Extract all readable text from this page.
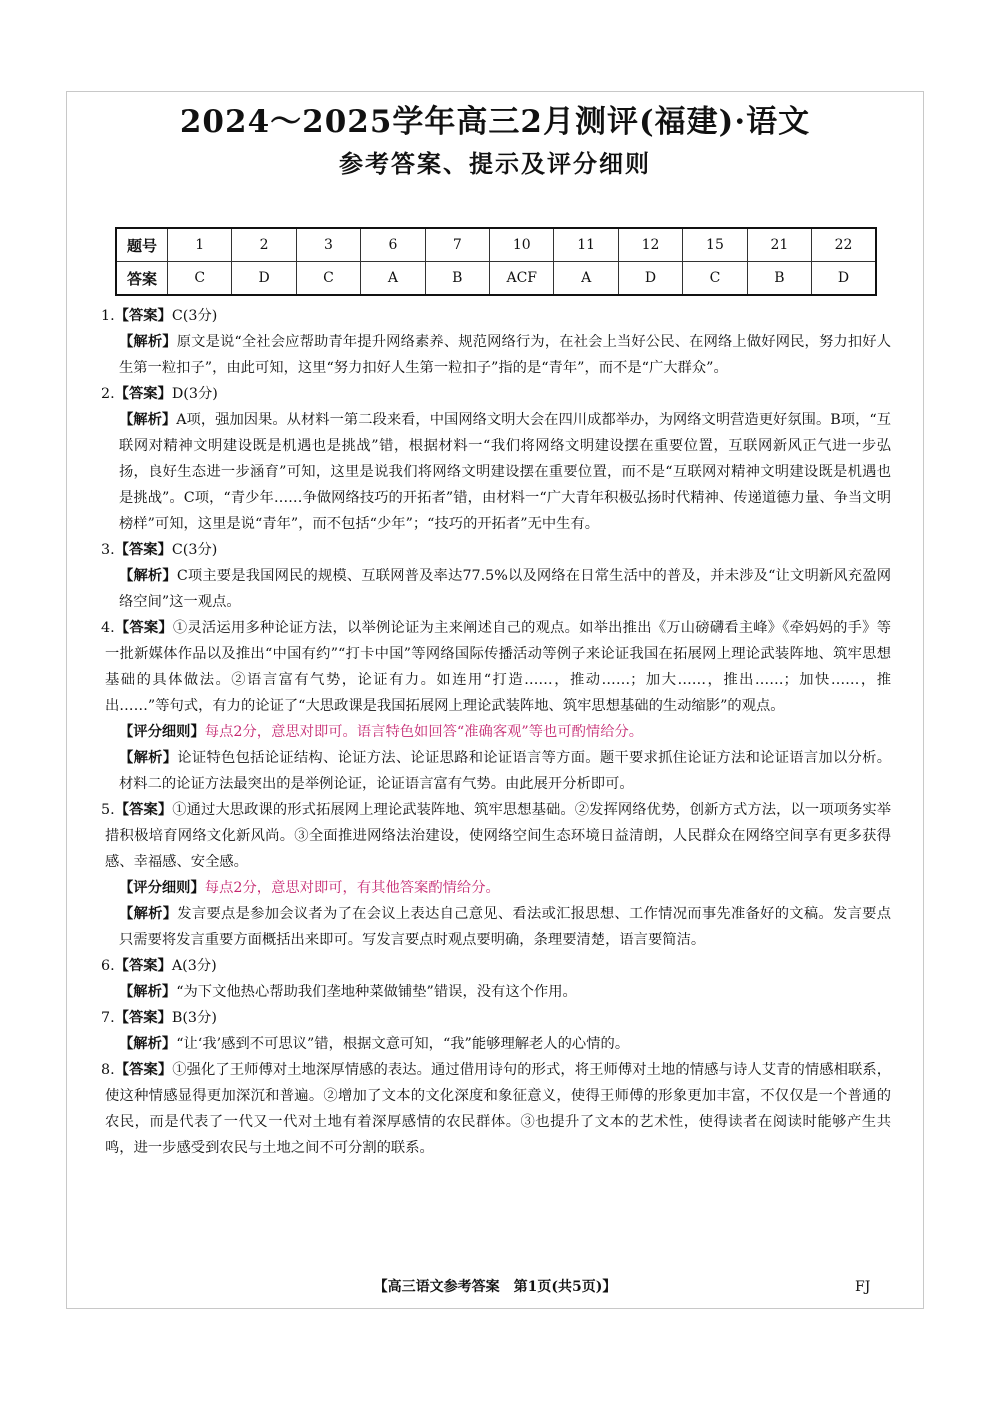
2024～2025学年高三2月测评(福建)·语文
参考答案、提示及评分细则
题号	1	2	3	6	7	10	11	12	15	21	22
答案	C	D	C	A	B	ACF	A	D	C	B	D

1.【答案】C(3分)

【解析】原文是说“全社会应帮助青年提升网络素养、规范网络行为，在社会上当好公民、在网络上做好网民，努力扣好人生第一粒扣子”，由此可知，这里“努力扣好人生第一粒扣子”指的是“青年”，而不是“广大群众”。

2.【答案】D(3分)

【解析】A项，强加因果。从材料一第二段来看，中国网络文明大会在四川成都举办，为网络文明营造更好氛围。B项，“互联网对精神文明建设既是机遇也是挑战”错，根据材料一“我们将网络文明建设摆在重要位置，互联网新风正气进一步弘扬，良好生态进一步涵育”可知，这里是说我们将网络文明建设摆在重要位置，而不是“互联网对精神文明建设既是机遇也是挑战”。C项，“青少年……争做网络技巧的开拓者”错，由材料一“广大青年积极弘扬时代精神、传递道德力量、争当文明榜样”可知，这里是说“青年”，而不包括“少年”；“技巧的开拓者”无中生有。

3.【答案】C(3分)

【解析】C项主要是我国网民的规模、互联网普及率达77.5%以及网络在日常生活中的普及，并未涉及“让文明新风充盈网络空间”这一观点。

4.【答案】①灵活运用多种论证方法，以举例论证为主来阐述自己的观点。如举出推出《万山磅礴看主峰》《牵妈妈的手》等一批新媒体作品以及推出“中国有约”“打卡中国”等网络国际传播活动等例子来论证我国在拓展网上理论武装阵地、筑牢思想基础的具体做法。②语言富有气势，论证有力。如连用“打造……，推动……；加大……，推出……；加快……，推出……”等句式，有力的论证了“大思政课是我国拓展网上理论武装阵地、筑牢思想基础的生动缩影”的观点。

【评分细则】每点2分，意思对即可。语言特色如回答“准确客观”等也可酌情给分。

【解析】论证特色包括论证结构、论证方法、论证思路和论证语言等方面。题干要求抓住论证方法和论证语言加以分析。材料二的论证方法最突出的是举例论证，论证语言富有气势。由此展开分析即可。

5.【答案】①通过大思政课的形式拓展网上理论武装阵地、筑牢思想基础。②发挥网络优势，创新方式方法，以一项项务实举措积极培育网络文化新风尚。③全面推进网络法治建设，使网络空间生态环境日益清朗，人民群众在网络空间享有更多获得感、幸福感、安全感。

【评分细则】每点2分，意思对即可，有其他答案酌情给分。

【解析】发言要点是参加会议者为了在会议上表达自己意见、看法或汇报思想、工作情况而事先准备好的文稿。发言要点只需要将发言重要方面概括出来即可。写发言要点时观点要明确，条理要清楚，语言要简洁。

6.【答案】A(3分)

【解析】“为下文他热心帮助我们垄地种菜做铺垫”错误，没有这个作用。

7.【答案】B(3分)

【解析】“让‘我’感到不可思议”错，根据文意可知，“我”能够理解老人的心情的。

8.【答案】①强化了王师傅对土地深厚情感的表达。通过借用诗句的形式，将王师傅对土地的情感与诗人艾青的情感相联系，使这种情感显得更加深沉和普遍。②增加了文本的文化深度和象征意义，使得王师傅的形象更加丰富，不仅仅是一个普通的农民，而是代表了一代又一代对土地有着深厚感情的农民群体。③也提升了文本的艺术性，使得读者在阅读时能够产生共鸣，进一步感受到农民与土地之间不可分割的联系。

【高三语文参考答案　第1页(共5页)】	FJ
